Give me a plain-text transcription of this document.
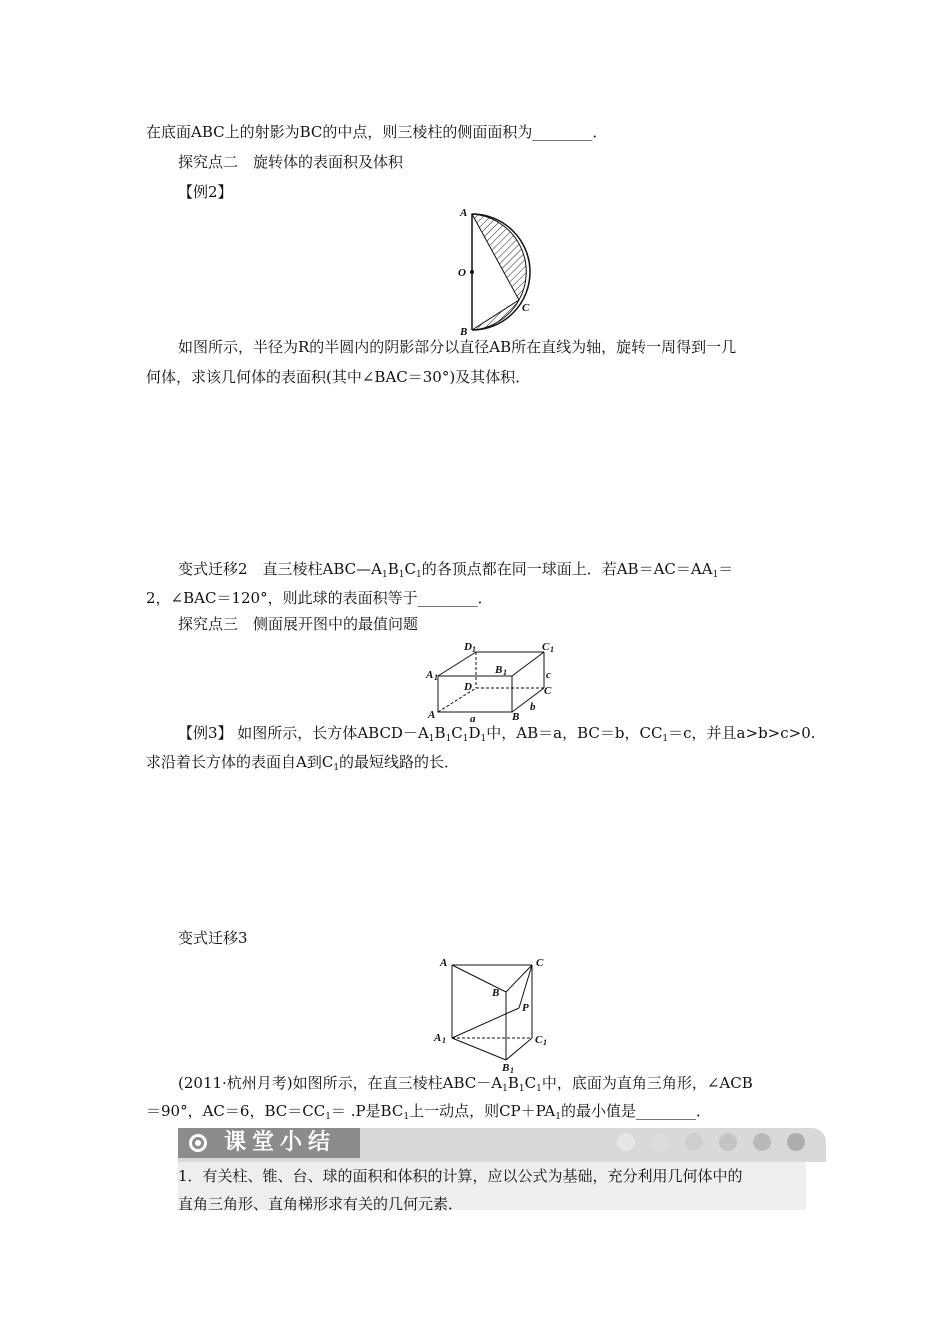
在底面ABC上的射影为BC的中点，则三棱柱的侧面面积为________．
探究点二　旋转体的表面积及体积
【例2】
A
O
B
C
如图所示，半径为R的半圆内的阴影部分以直径AB所在直线为轴，旋转一周得到一几
何体，求该几何体的表面积(其中∠BAC＝30°)及其体积．
变式迁移2　直三棱柱$ABC—A_1B_1C_1$的各顶点都在同一球面上．若$AB=AC=AA_1=$
2，∠BAC＝120°，则此球的表面积等于________．
探究点三　侧面展开图中的最值问题
D 1
B 1
C 1
A 1
D	C
c
A	a	B
b
【例3】 如图所示，长方体$ABCD-A_1B_1C_1D_1$中，AB＝a，BC＝b，$CC_1=c$，并且a>b>c>0.
求沿着长方体的表面自A到$C_1$的最短线路的长．
变式迁移3
A	C
B
P
A 1	C 1
B 1
(2011·杭州月考)如图所示，在直三棱柱$ABC-A_1B_1C_1$中，底面为直角三角形，∠ACB
＝90°，AC＝6，$BC=CC_1= .P$是$BC_1$上一动点，则$CP+PA_1$的最小值是________．
课堂小结
1．有关柱、锥、台、球的面积和体积的计算，应以公式为基础，充分利用几何体中的
直角三角形、直角梯形求有关的几何元素．
